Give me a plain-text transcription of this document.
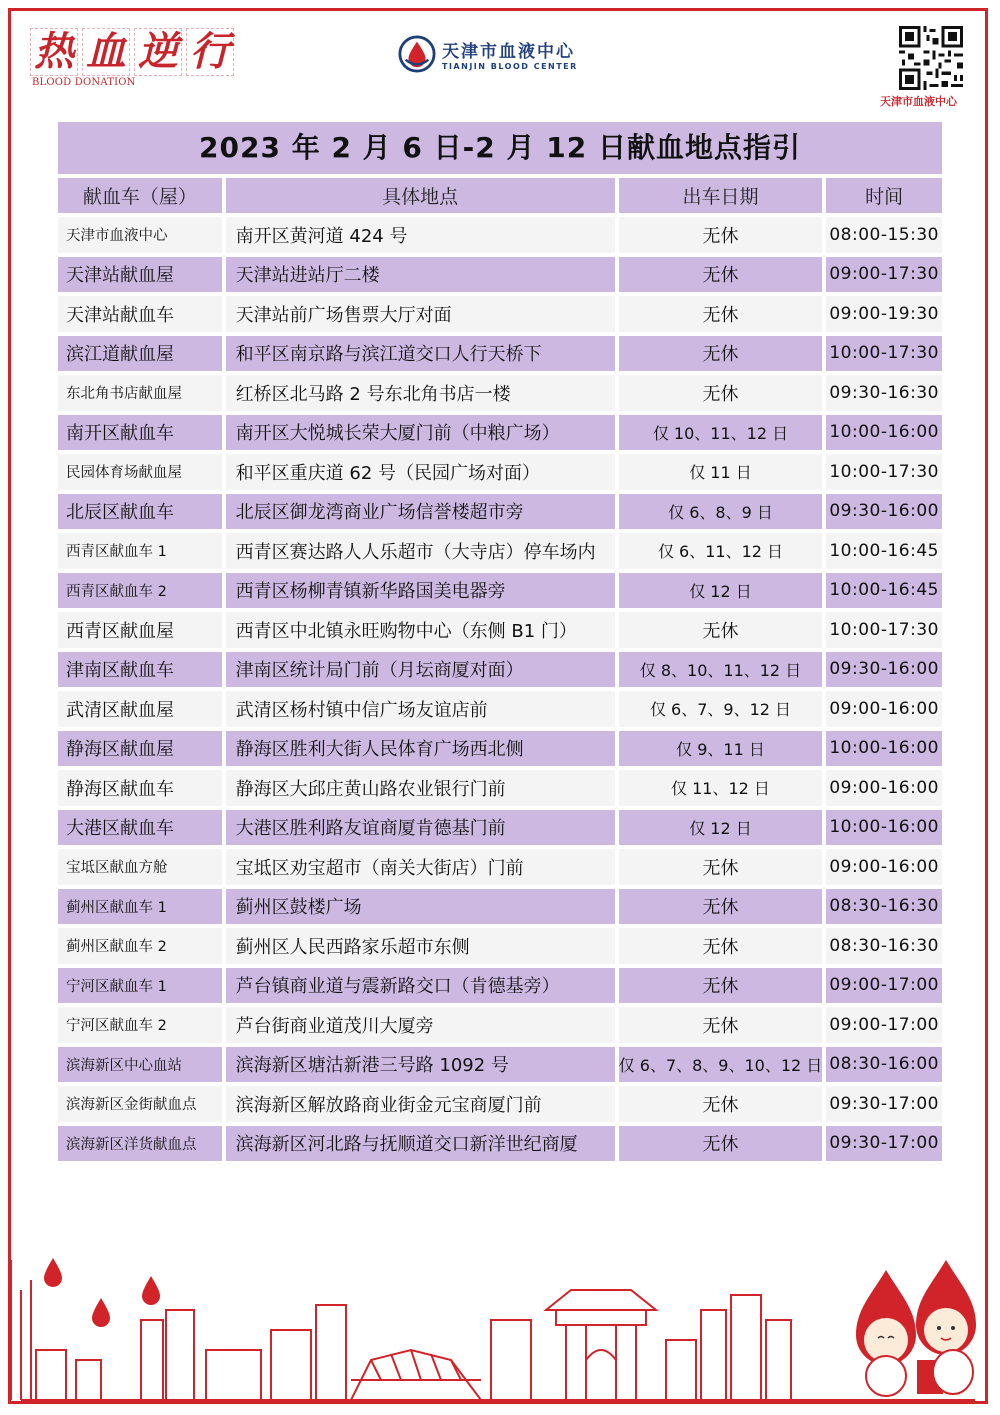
热 血 逆 行
BLOOD DONATION
天津市血液中心
TIANJIN BLOOD CENTER
天津市血液中心
2023 年 2 月 6 日-2 月 12 日献血地点指引
献血车（屋）	具体地点	出车日期	时间
天津市血液中心	南开区黄河道 424 号	无休	08:00-15:30
天津站献血屋	天津站进站厅二楼	无休	09:00-17:30
天津站献血车	天津站前广场售票大厅对面	无休	09:00-19:30
滨江道献血屋	和平区南京路与滨江道交口人行天桥下	无休	10:00-17:30
东北角书店献血屋	红桥区北马路 2 号东北角书店一楼	无休	09:30-16:30
南开区献血车	南开区大悦城长荣大厦门前（中粮广场）	仅 10、11、12 日	10:00-16:00
民园体育场献血屋	和平区重庆道 62 号（民园广场对面）	仅 11 日	10:00-17:30
北辰区献血车	北辰区御龙湾商业广场信誉楼超市旁	仅 6、8、9 日	09:30-16:00
西青区献血车 1	西青区赛达路人人乐超市（大寺店）停车场内	仅 6、11、12 日	10:00-16:45
西青区献血车 2	西青区杨柳青镇新华路国美电器旁	仅 12 日	10:00-16:45
西青区献血屋	西青区中北镇永旺购物中心（东侧 B1 门）	无休	10:00-17:30
津南区献血车	津南区统计局门前（月坛商厦对面）	仅 8、10、11、12 日	09:30-16:00
武清区献血屋	武清区杨村镇中信广场友谊店前	仅 6、7、9、12 日	09:00-16:00
静海区献血屋	静海区胜利大街人民体育广场西北侧	仅 9、11 日	10:00-16:00
静海区献血车	静海区大邱庄黄山路农业银行门前	仅 11、12 日	09:00-16:00
大港区献血车	大港区胜利路友谊商厦肯德基门前	仅 12 日	10:00-16:00
宝坻区献血方舱	宝坻区劝宝超市（南关大街店）门前	无休	09:00-16:00
蓟州区献血车 1	蓟州区鼓楼广场	无休	08:30-16:30
蓟州区献血车 2	蓟州区人民西路家乐超市东侧	无休	08:30-16:30
宁河区献血车 1	芦台镇商业道与震新路交口（肯德基旁）	无休	09:00-17:00
宁河区献血车 2	芦台街商业道茂川大厦旁	无休	09:00-17:00
滨海新区中心血站	滨海新区塘沽新港三号路 1092 号	仅 6、7、8、9、10、12 日	08:30-16:00
滨海新区金街献血点	滨海新区解放路商业街金元宝商厦门前	无休	09:30-17:00
滨海新区洋货献血点	滨海新区河北路与抚顺道交口新洋世纪商厦	无休	09:30-17:00
